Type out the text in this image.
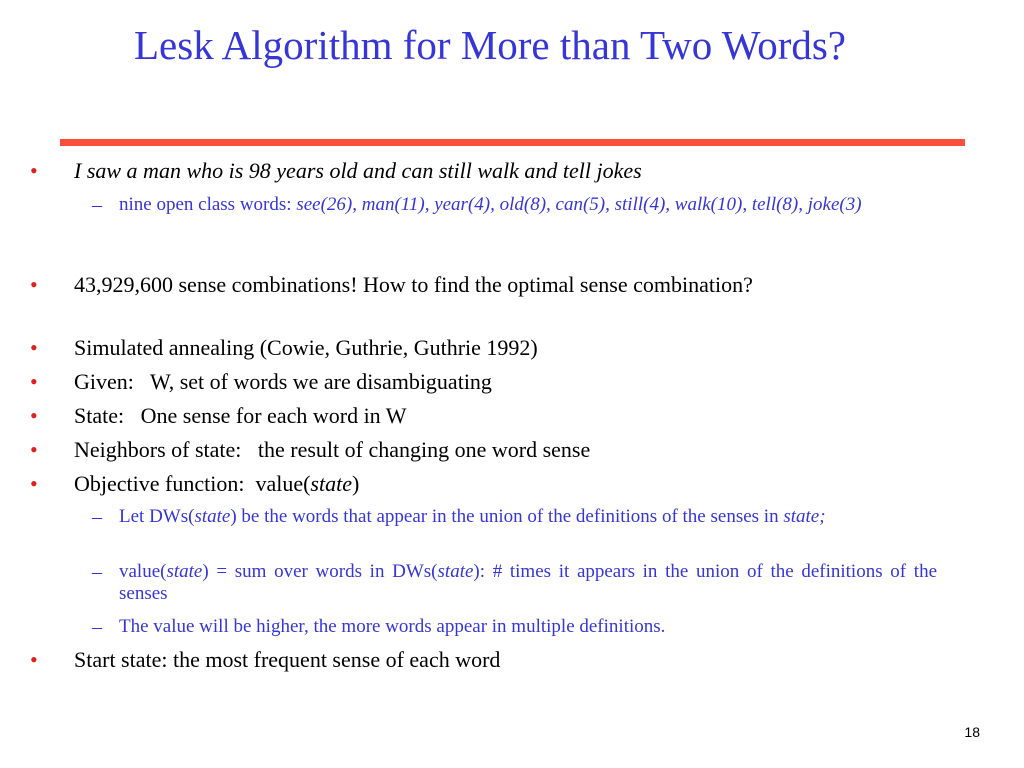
Lesk Algorithm for More than Two Words?
• I saw a man who is 98 years old and can still walk and tell jokes
– nine open class words: see(26), man(11), year(4), old(8), can(5), still(4), walk(10), tell(8), joke(3)
• 43,929,600 sense combinations! How to find the optimal sense combination?
• Simulated annealing (Cowie, Guthrie, Guthrie 1992)
• Given:   W, set of words we are disambiguating
• State:   One sense for each word in W
• Neighbors of state:   the result of changing one word sense
• Objective function:  value(state)
– Let DWs(state) be the words that appear in the union of the definitions of the senses in state;
– value(state) = sum over words in DWs(state): # times it appears in the union of the definitions of the senses
– The value will be higher, the more words appear in multiple definitions.
• Start state: the most frequent sense of each word
18
